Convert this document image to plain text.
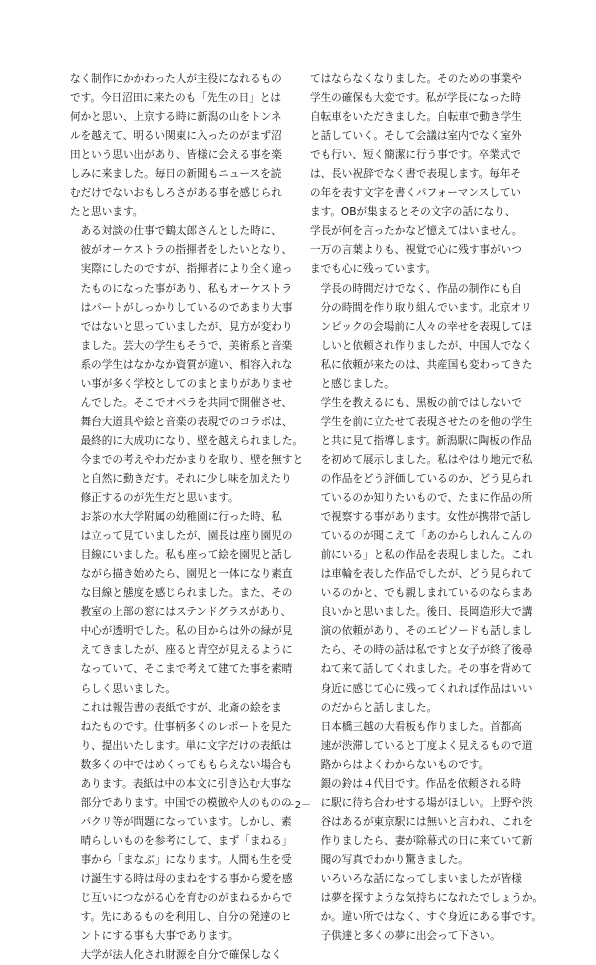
なく制作にかかわった人が主役になれるもの
です。今日沼田に来たのも「先生の日」とは
何かと思い、上京する時に新潟の山をトンネ
ルを越えて、明るい関東に入ったのがまず沼
田という思い出があり、皆様に会える事を楽
しみに来ました。毎日の新聞もニュースを読
むだけでないおもしろさがある事を感じられ
たと思います。
ある対談の仕事で鶴太郎さんとした時に、
彼がオーケストラの指揮者をしたいとなり、
実際にしたのですが、指揮者により全く違っ
たものになった事があり、私もオーケストラ
はパートがしっかりしているのであまり大事
ではないと思っていましたが、見方が変わり
ました。芸大の学生もそうで、美術系と音楽
系の学生はなかなか資質が違い、相容入れな
い事が多く学校としてのまとまりがありませ
んでした。そこでオペラを共同で開催させ、
舞台大道具や絵と音楽の表現でのコラボは、
最終的に大成功になり、壁を越えられました。
今までの考えやわだかまりを取り、壁を無すと
と自然に動きだす。それに少し味を加えたり
修正するのが先生だと思います。
お茶の水大学附属の幼稚園に行った時、私
は立って見ていましたが、園長は座り園児の
目線にいました。私も座って絵を園児と話し
ながら描き始めたら、園児と一体になり素直
な目線と態度を感じられました。また、その
教室の上部の窓にはステンドグラスがあり、
中心が透明でした。私の目からは外の緑が見
えてきましたが、座ると青空が見えるように
なっていて、そこまで考えて建てた事を素晴
らしく思いました。
これは報告書の表紙ですが、北斎の絵をま
ねたものです。仕事柄多くのレポートを見た
り、提出いたします。単に文字だけの表紙は
数多くの中ではめくってももらえない場合も
あります。表紙は中の本文に引き込む大事な
部分であります。中国での模倣や人のものの
パクリ等が問題になっています。しかし、素
晴らしいものを参考にして、まず「まねる」
事から「まなぶ」になります。人間も生を受
け誕生する時は母のまねをする事から愛を感
じ互いにつながる心を育むのがまねるからで
す。先にあるものを利用し、自分の発達のヒ
ントにする事も大事であります。
大学が法人化され財源を自分で確保しなく
てはならなくなりました。そのための事業や
学生の確保も大変です。私が学長になった時
自転車をいただきました。自転車で動き学生
と話していく。そして会議は室内でなく室外
でも行い、短く簡潔に行う事です。卒業式で
は、長い祝辞でなく書で表現します。毎年そ
の年を表す文字を書くパフォーマンスしてい
ます。OBが集まるとその文字の話になり、
学長が何を言ったかなど憶えてはいません。
一万の言葉よりも、視覚で心に残す事がいつ
までも心に残っています。
学長の時間だけでなく、作品の制作にも自
分の時間を作り取り組んでいます。北京オリ
ンピックの会場前に人々の幸せを表現してほ
しいと依頼され作りましたが、中国人でなく
私に依頼が来たのは、共産国も変わってきた
と感じました。
学生を教えるにも、黒板の前ではしないで
学生を前に立たせて表現させたのを他の学生
と共に見て指導します。新潟駅に陶板の作品
を初めて展示しました。私はやはり地元で私
の作品をどう評価しているのか、どう見られ
ているのか知りたいもので、たまに作品の所
で視察する事があります。女性が携帯で話し
ているのが聞こえて「あのからしれんこんの
前にいる」と私の作品を表現しました。これ
は車輪を表した作品でしたが、どう見られて
いるのかと、でも親しまれているのならまあ
良いかと思いました。後日、長岡造形大で講
演の依頼があり、そのエピソードも話しまし
たら、その時の話は私ですと女子が終了後尋
ねて来て話してくれました。その事を背めて
身近に感じて心に残ってくれれば作品はいい
のだからと話しました。
日本橋三越の大看板も作りました。首都高
速が渋滞していると丁度よく見えるもので道
路からはよくわからないものです。
銀の鈴は４代目です。作品を依頼される時
に駅に待ち合わせする場がほしい。上野や渋
谷はあるが東京駅には無いと言われ、これを
作りましたら、妻が除幕式の日に来ていて新
聞の写真でわかり驚きました。
いろいろな話になってしまいましたが皆様
は夢を探すような気持ちになれたでしょうか。
か。違い所ではなく、すぐ身近にある事です。
子供達と多くの夢に出会って下さい。
－2－
